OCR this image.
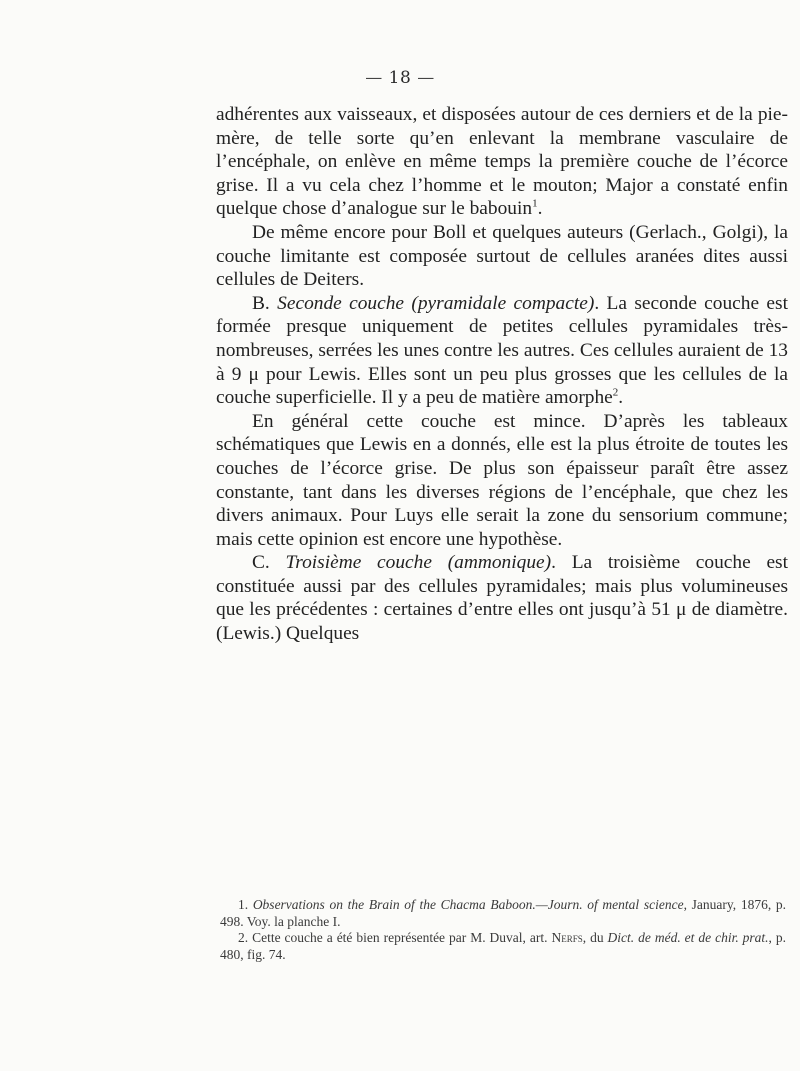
— 18 —

adhérentes aux vaisseaux, et disposées autour de ces derniers et de la pie-mère, de telle sorte qu’en enlevant la membrane vasculaire de l’encéphale, on enlève en même temps la première couche de l’écorce grise. Il a vu cela chez l’homme et le mouton; Major a constaté enfin quelque chose d’analogue sur le babouin$^1$.

De même encore pour Boll et quelques auteurs (Gerlach., Golgi), la couche limitante est composée surtout de cellules aranées dites aussi cellules de Deiters.

B. Seconde couche (pyramidale compacte). La seconde couche est formée presque uniquement de petites cellules pyramidales très-nombreuses, serrées les unes contre les autres. Ces cellules auraient de 13 à 9 μ pour Lewis. Elles sont un peu plus grosses que les cellules de la couche superficielle. Il y a peu de matière amorphe$^2$.

En général cette couche est mince. D’après les tableaux schématiques que Lewis en a donnés, elle est la plus étroite de toutes les couches de l’écorce grise. De plus son épaisseur paraît être assez constante, tant dans les diverses régions de l’encéphale, que chez les divers animaux. Pour Luys elle serait la zone du sensorium commune; mais cette opinion est encore une hypothèse.

C. Troisième couche (ammonique). La troisième couche est constituée aussi par des cellules pyramidales; mais plus volumineuses que les précédentes : certaines d’entre elles ont jusqu’à 51 μ de diamètre. (Lewis.) Quelques

1. Observations on the Brain of the Chacma Baboon.—Journ. of mental science, January, 1876, p. 498. Voy. la planche I.

2. Cette couche a été bien représentée par M. Duval, art. Nerfs, du Dict. de méd. et de chir. prat., p. 480, fig. 74.
